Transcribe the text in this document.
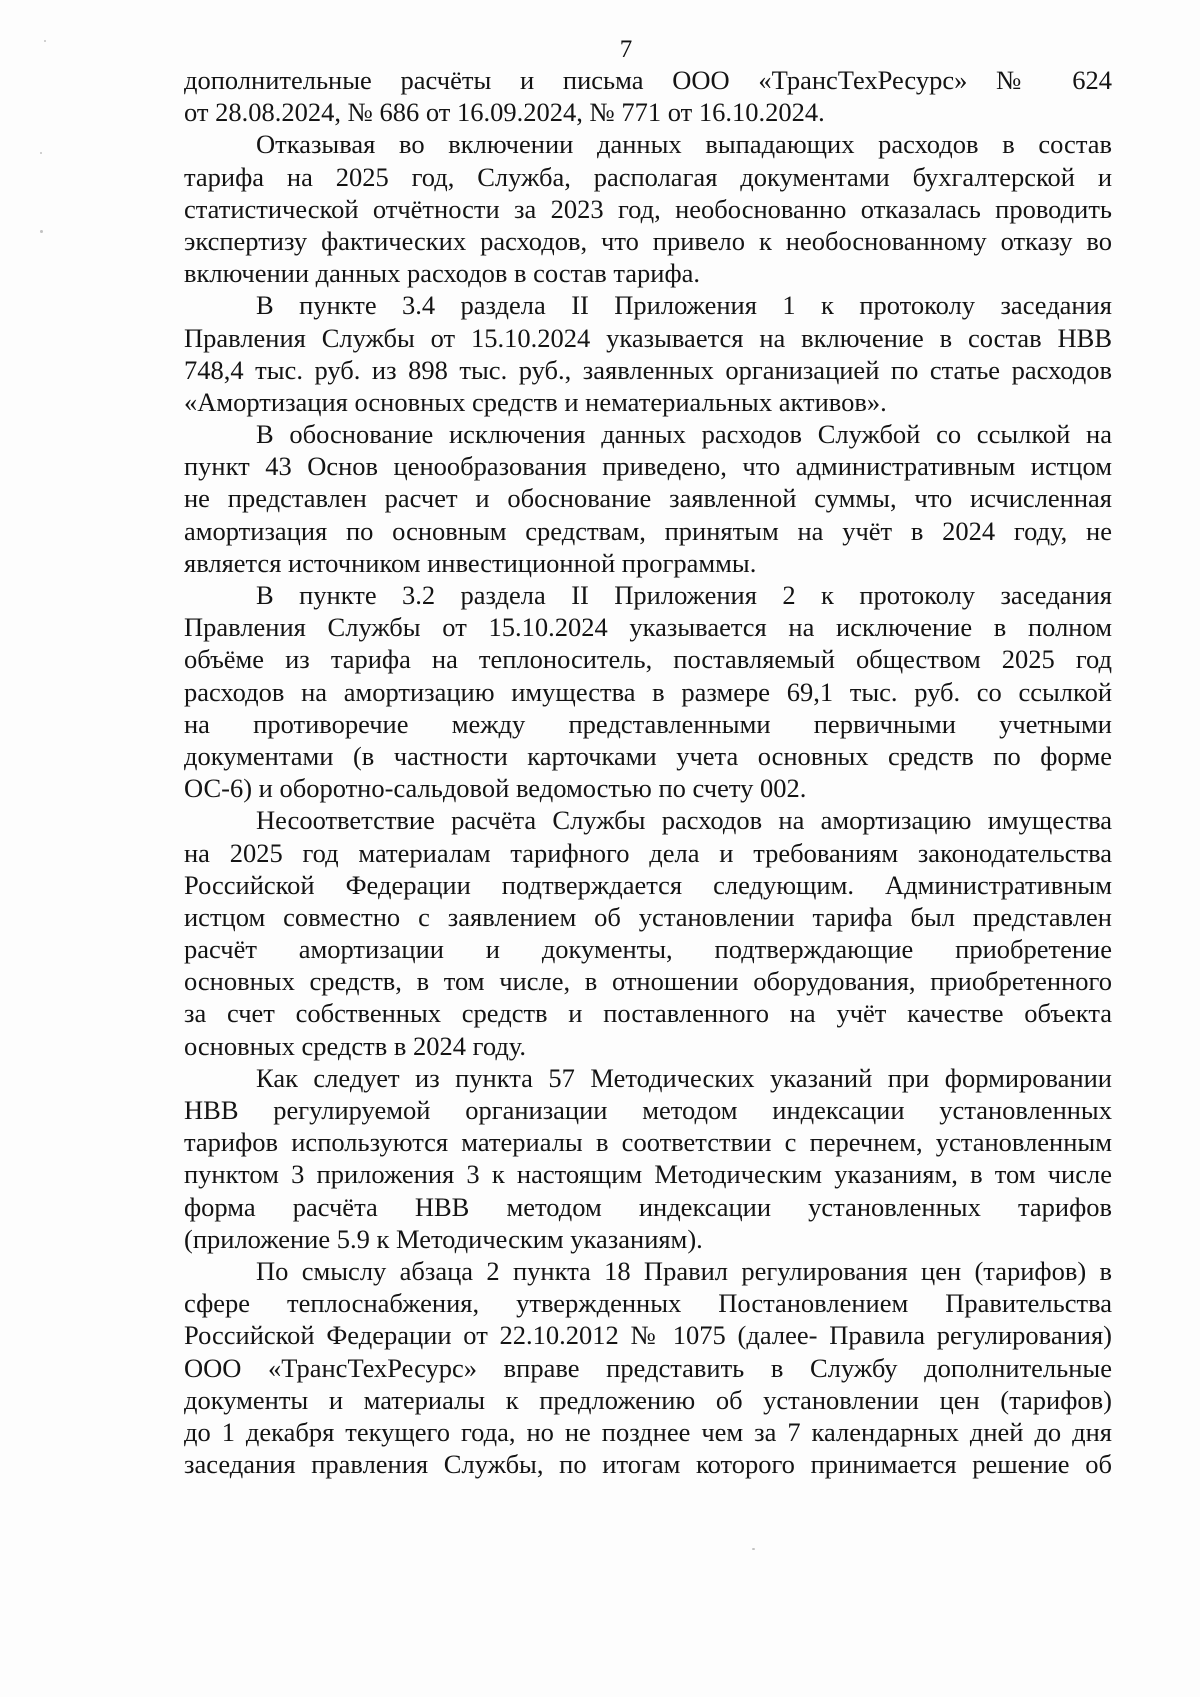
7
дополнительные расчёты и письма ООО «ТрансТехРесурс» № 624
от 28.08.2024, № 686 от 16.09.2024, № 771 от 16.10.2024.
Отказывая во включении данных выпадающих расходов в состав
тарифа на 2025 год, Служба, располагая документами бухгалтерской и
статистической отчётности за 2023 год, необоснованно отказалась проводить
экспертизу фактических расходов, что привело к необоснованному отказу во
включении данных расходов в состав тарифа.
В пункте 3.4 раздела II Приложения 1 к протоколу заседания
Правления Службы от 15.10.2024 указывается на включение в состав НВВ
748,4 тыс. руб. из 898 тыс. руб., заявленных организацией по статье расходов
«Амортизация основных средств и нематериальных активов».
В обоснование исключения данных расходов Службой со ссылкой на
пункт 43 Основ ценообразования приведено, что административным истцом
не представлен расчет и обоснование заявленной суммы, что исчисленная
амортизация по основным средствам, принятым на учёт в 2024 году, не
является источником инвестиционной программы.
В пункте 3.2 раздела II Приложения 2 к протоколу заседания
Правления Службы от 15.10.2024 указывается на исключение в полном
объёме из тарифа на теплоноситель, поставляемый обществом 2025 год
расходов на амортизацию имущества в размере 69,1 тыс. руб. со ссылкой
на противоречие между представленными первичными учетными
документами (в частности карточками учета основных средств по форме
ОС-6) и оборотно-сальдовой ведомостью по счету 002.
Несоответствие расчёта Службы расходов на амортизацию имущества
на 2025 год материалам тарифного дела и требованиям законодательства
Российской Федерации подтверждается следующим. Административным
истцом совместно с заявлением об установлении тарифа был представлен
расчёт амортизации и документы, подтверждающие приобретение
основных средств, в том числе, в отношении оборудования, приобретенного
за счет собственных средств и поставленного на учёт качестве объекта
основных средств в 2024 году.
Как следует из пункта 57 Методических указаний при формировании
НВВ регулируемой организации методом индексации установленных
тарифов используются материалы в соответствии с перечнем, установленным
пунктом 3 приложения 3 к настоящим Методическим указаниям, в том числе
форма расчёта НВВ методом индексации установленных тарифов
(приложение 5.9 к Методическим указаниям).
По смыслу абзаца 2 пункта 18 Правил регулирования цен (тарифов) в
сфере теплоснабжения, утвержденных Постановлением Правительства
Российской Федерации от 22.10.2012 № 1075 (далее- Правила регулирования)
ООО «ТрансТехРесурс» вправе представить в Службу дополнительные
документы и материалы к предложению об установлении цен (тарифов)
до 1 декабря текущего года, но не позднее чем за 7 календарных дней до дня
заседания правления Службы, по итогам которого принимается решение об
